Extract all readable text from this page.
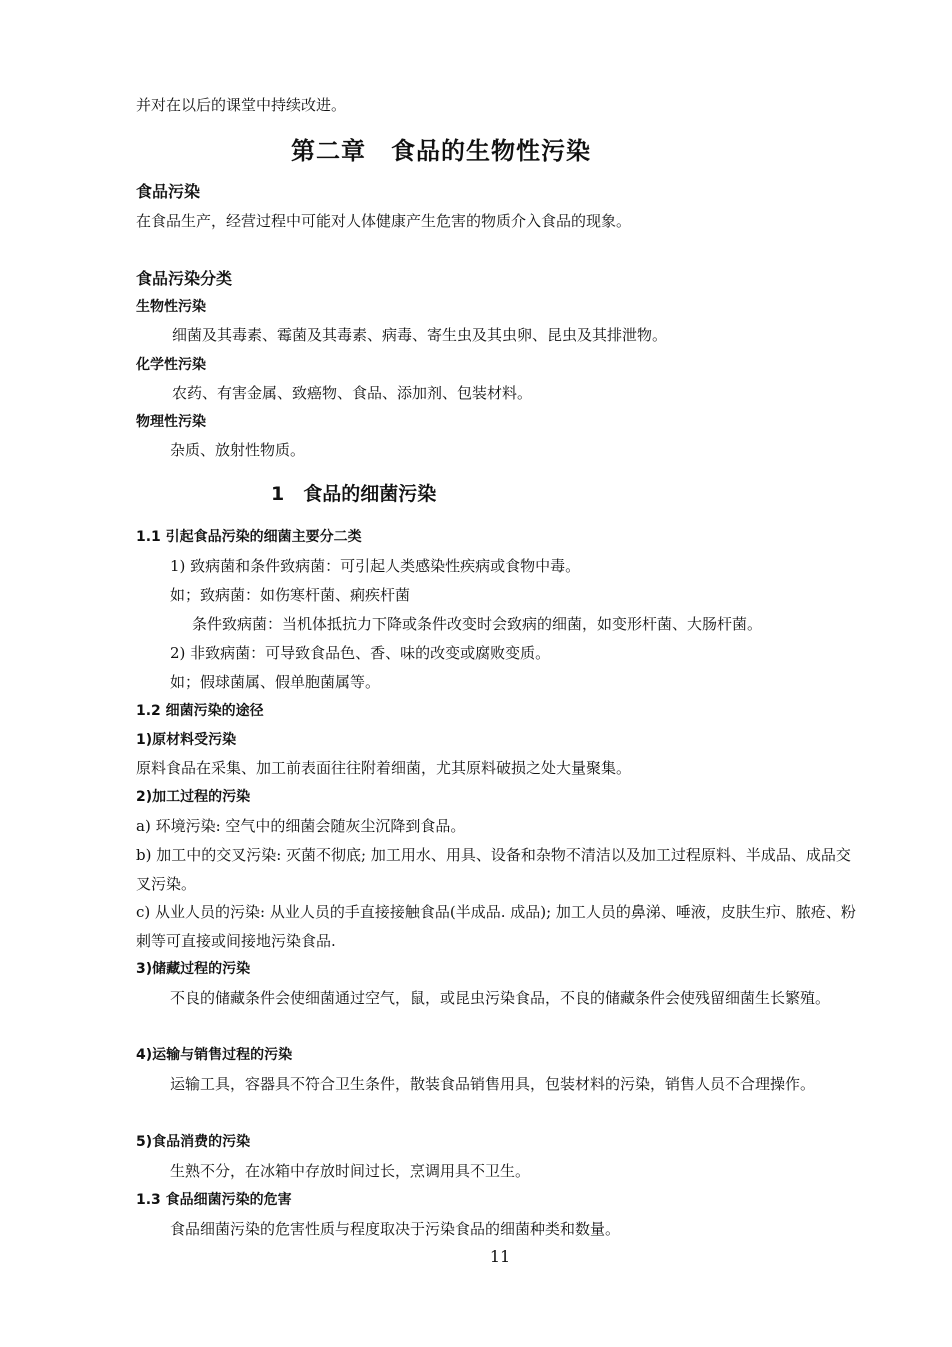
并对在以后的课堂中持续改进。
第二章　食品的生物性污染
食品污染
在食品生产，经营过程中可能对人体健康产生危害的物质介入食品的现象。
食品污染分类
生物性污染
细菌及其毒素、霉菌及其毒素、病毒、寄生虫及其虫卵、昆虫及其排泄物。
化学性污染
农药、有害金属、致癌物、食品、添加剂、包装材料。
物理性污染
杂质、放射性物质。
1　食品的细菌污染
1.1 引起食品污染的细菌主要分二类
1) 致病菌和条件致病菌：可引起人类感染性疾病或食物中毒。
如；致病菌：如伤寒杆菌、痢疾杆菌
条件致病菌：当机体抵抗力下降或条件改变时会致病的细菌，如变形杆菌、大肠杆菌。
2) 非致病菌：可导致食品色、香、味的改变或腐败变质。
如；假球菌属、假单胞菌属等。
1.2 细菌污染的途径
1)原材料受污染
原料食品在采集、加工前表面往往附着细菌，尤其原料破损之处大量聚集。
2)加工过程的污染
a) 环境污染: 空气中的细菌会随灰尘沉降到食品。
b) 加工中的交叉污染: 灭菌不彻底; 加工用水、用具、设备和杂物不清洁以及加工过程原料、半成品、成品交叉污染。
c) 从业人员的污染: 从业人员的手直接接触食品(半成品. 成品); 加工人员的鼻涕、唾液，皮肤生疖、脓疮、粉刺等可直接或间接地污染食品.
3)储藏过程的污染
不良的储藏条件会使细菌通过空气，鼠，或昆虫污染食品，不良的储藏条件会使残留细菌生长繁殖。
4)运输与销售过程的污染
运输工具，容器具不符合卫生条件，散装食品销售用具，包装材料的污染，销售人员不合理操作。
5)食品消费的污染
生熟不分，在冰箱中存放时间过长，烹调用具不卫生。
1.3 食品细菌污染的危害
食品细菌污染的危害性质与程度取决于污染食品的细菌种类和数量。
11
